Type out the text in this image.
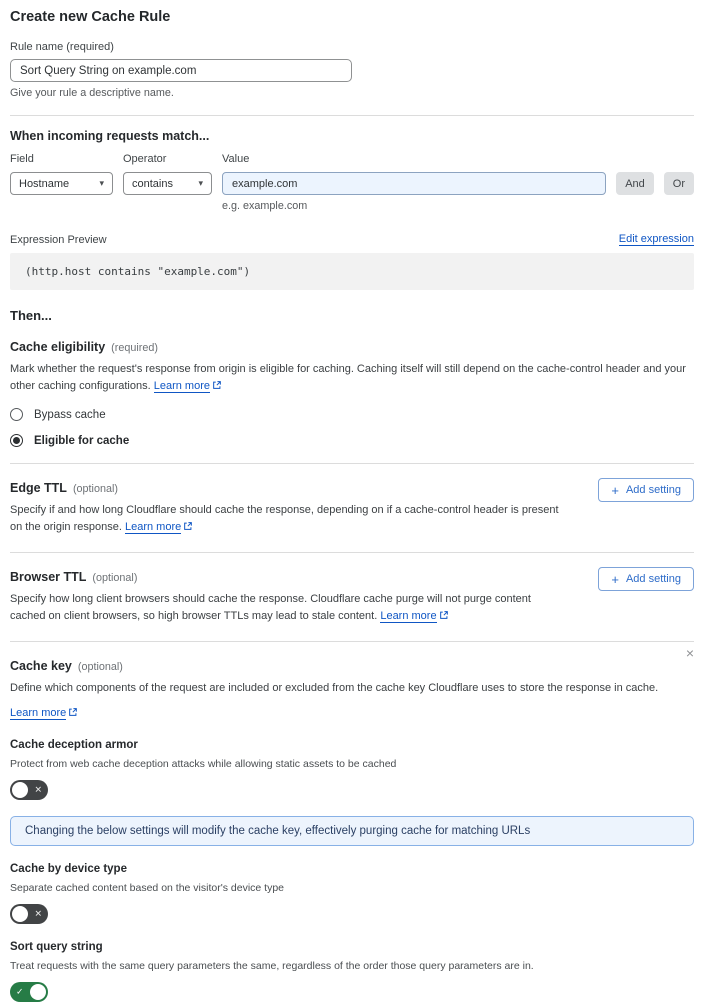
Create new Cache Rule
Rule name (required)
Sort Query String on example.com
Give your rule a descriptive name.
When incoming requests match...
Field
Hostname	▾
Operator
contains	▾
Value
example.com
And	Or
e.g. example.com
Expression Preview	Edit expression
(http.host contains "example.com")
Then...
Cache eligibility (required)
Mark whether the request's response from origin is eligible for caching. Caching itself will still depend on the cache-control header and your other caching configurations. Learn more
Bypass cache
Eligible for cache
Edge TTL (optional)
Specify if and how long Cloudflare should cache the response, depending on if a cache-control header is present on the origin response. Learn more
+ Add setting
Browser TTL (optional)
Specify how long client browsers should cache the response. Cloudflare cache purge will not purge content cached on client browsers, so high browser TTLs may lead to stale content. Learn more
+ Add setting
Cache key (optional)
×
Define which components of the request are included or excluded from the cache key Cloudflare uses to store the response in cache.
Learn more
Cache deception armor
Protect from web cache deception attacks while allowing static assets to be cached
✕
Changing the below settings will modify the cache key, effectively purging cache for matching URLs
Cache by device type
Separate cached content based on the visitor's device type
✕
Sort query string
Treat requests with the same query parameters the same, regardless of the order those query parameters are in.
✓
